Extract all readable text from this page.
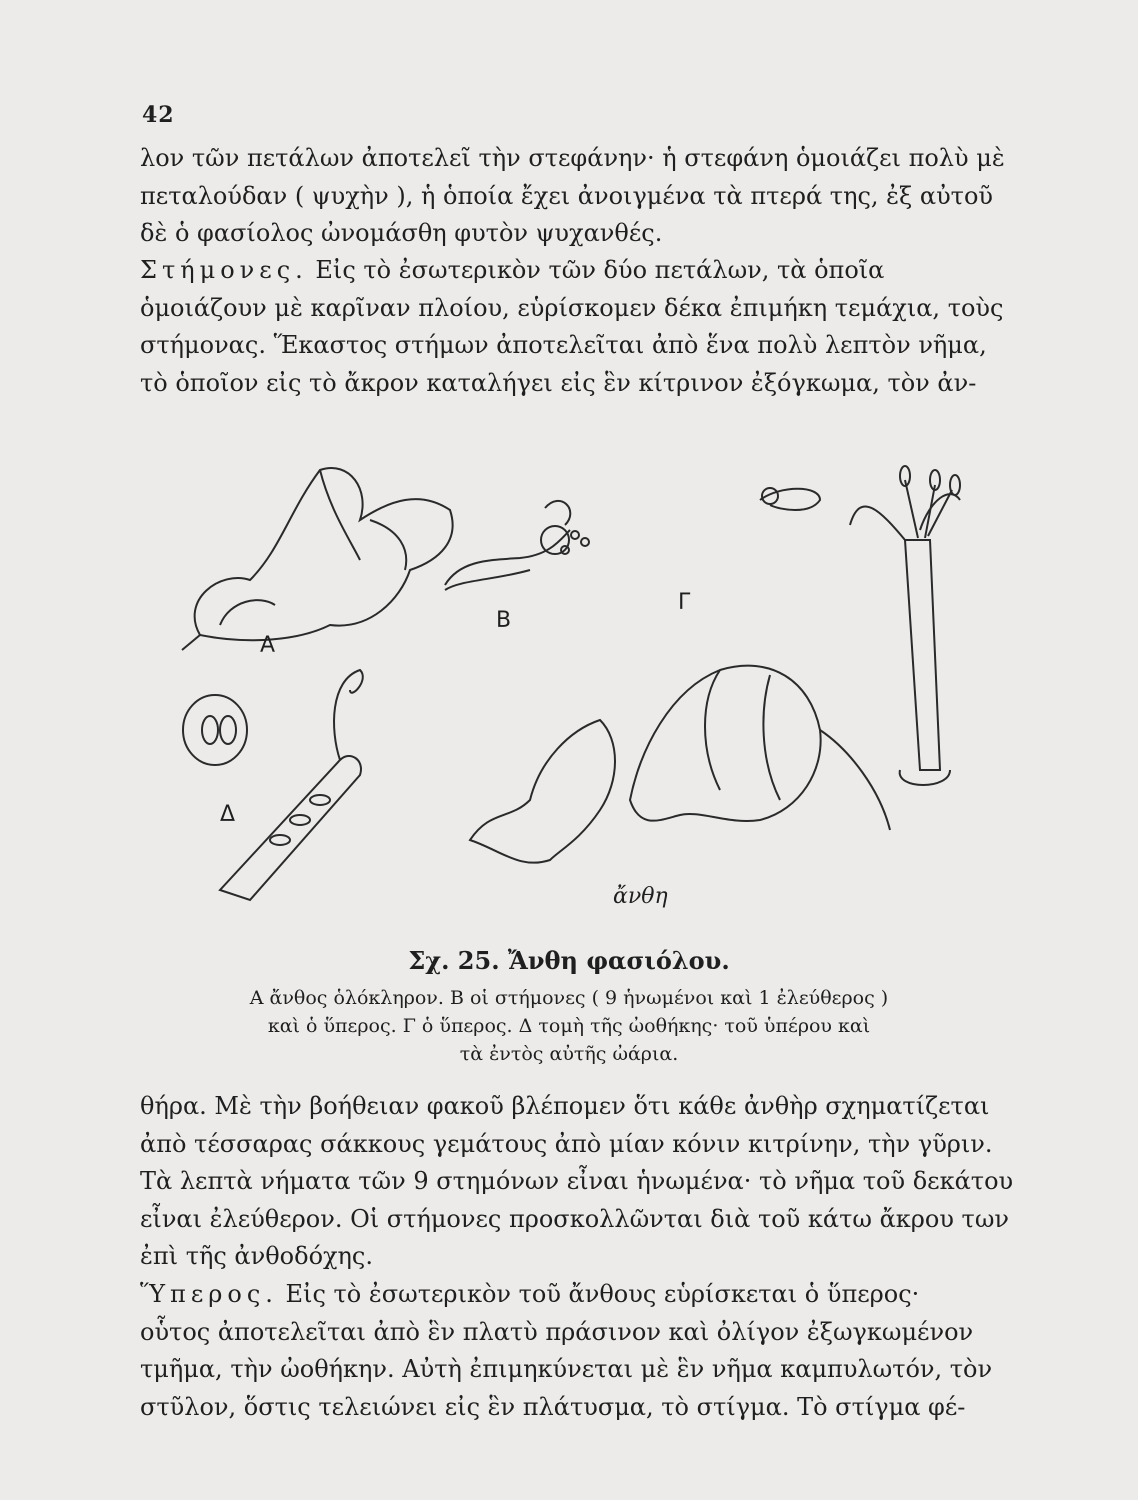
42

λον τῶν πετάλων ἀποτελεῖ τὴν στεφάνην· ἡ στεφάνη ὁμοιάζει πολὺ μὲ

πεταλούδαν ( ψυχὴν ), ἡ ὁποία ἔχει ἀνοιγμένα τὰ πτερά της, ἐξ αὐτοῦ

δὲ ὁ φασίολος ὠνομάσθη φυτὸν ψυχανθές.

Στήμονες. Εἰς τὸ ἐσωτερικὸν τῶν δύο πετάλων, τὰ ὁποῖα

ὁμοιάζουν μὲ καρῖναν πλοίου, εὑρίσκομεν δέκα ἐπιμήκη τεμάχια, τοὺς

στήμονας. Ἕκαστος στήμων ἀποτελεῖται ἀπὸ ἕνα πολὺ λεπτὸν νῆμα,

τὸ ὁποῖον εἰς τὸ ἄκρον καταλήγει εἰς ἓν κίτρινον ἐξόγκωμα, τὸν ἀν-

Α
Β
Γ
Δ
ἄνθη
Σχ. 25. Ἄνθη φασιόλου.
Α ἄνθος ὁλόκληρον. Β οἱ στήμονες ( 9 ἡνωμένοι καὶ 1 ἐλεύθερος )
καὶ ὁ ὕπερος. Γ ὁ ὕπερος. Δ τομὴ τῆς ὠοθήκης· τοῦ ὑπέρου καὶ
τὰ ἐντὸς αὐτῆς ὠάρια.

θήρα. Μὲ τὴν βοήθειαν φακοῦ βλέπομεν ὅτι κάθε ἀνθὴρ σχηματίζεται

ἀπὸ τέσσαρας σάκκους γεμάτους ἀπὸ μίαν κόνιν κιτρίνην, τὴν γῦριν.

Τὰ λεπτὰ νήματα τῶν 9 στημόνων εἶναι ἡνωμένα· τὸ νῆμα τοῦ δεκάτου

εἶναι ἐλεύθερον. Οἱ στήμονες προσκολλῶνται διὰ τοῦ κάτω ἄκρου των

ἐπὶ τῆς ἀνθοδόχης.

Ὕπερος. Εἰς τὸ ἐσωτερικὸν τοῦ ἄνθους εὑρίσκεται ὁ ὕπερος·

οὗτος ἀποτελεῖται ἀπὸ ἓν πλατὺ πράσινον καὶ ὀλίγον ἐξωγκωμένον

τμῆμα, τὴν ὠοθήκην. Αὐτὴ ἐπιμηκύνεται μὲ ἓν νῆμα καμπυλωτόν, τὸν

στῦλον, ὅστις τελειώνει εἰς ἓν πλάτυσμα, τὸ στίγμα. Τὸ στίγμα φέ-
